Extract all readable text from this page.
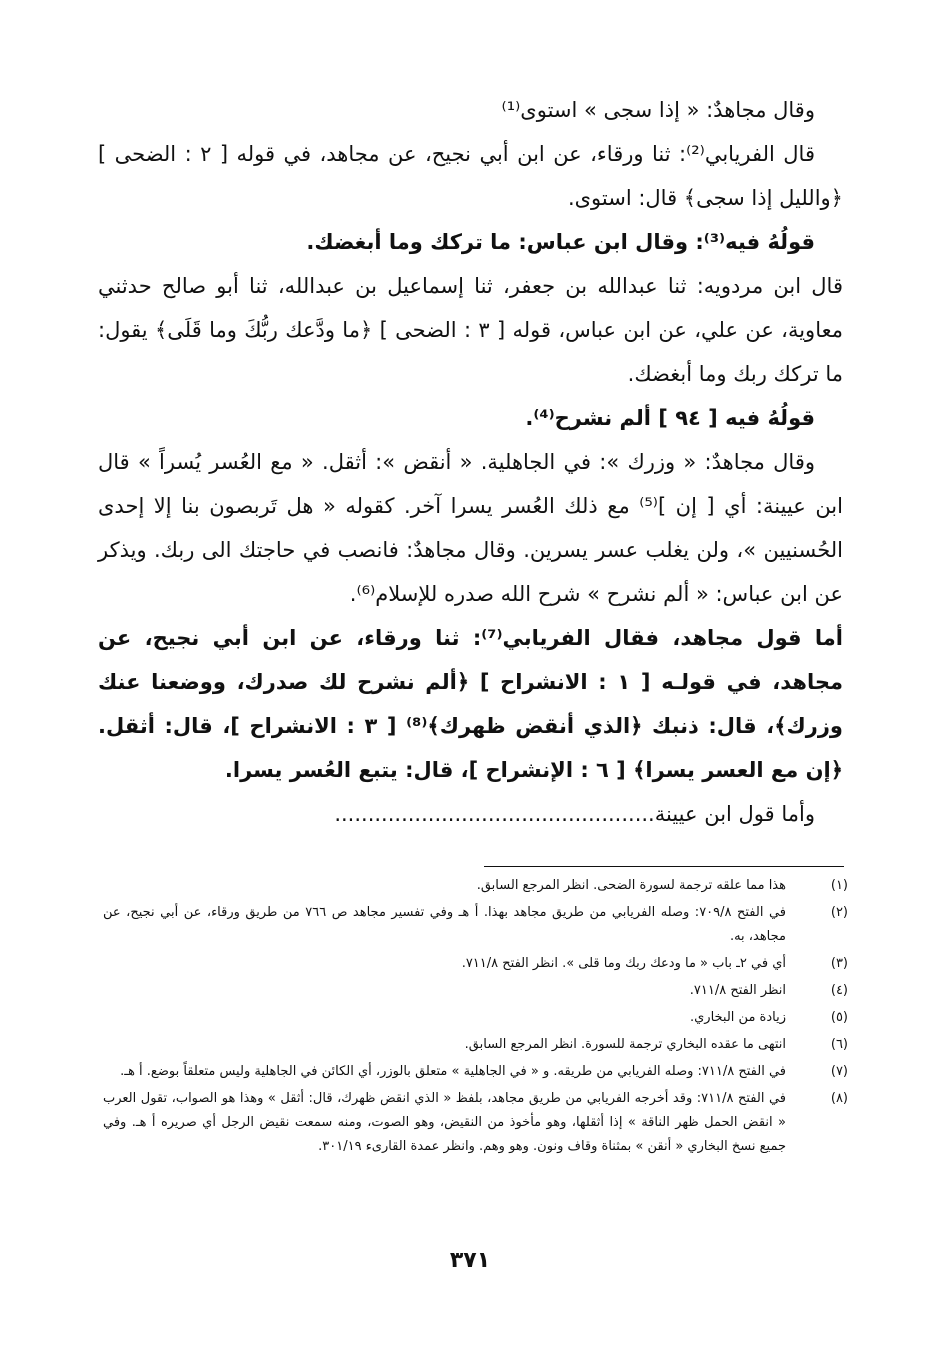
وقال مجاهدٌ: « إذا سجى » استوى⁽¹⁾

قال الفريابي⁽²⁾: ثنا ورقاء، عن ابن أبي نجيح، عن مجاهد، في قوله [ ٢ : الضحى ] ﴿والليل إذا سجى﴾ قال: استوى.

قولُهُ فيه⁽³⁾: وقال ابن عباس: ما تركك وما أبغضك.

قال ابن مردويه: ثنا عبدالله بن جعفر، ثنا إسماعيل بن عبدالله، ثنا أبو صالح حدثني معاوية، عن علي، عن ابن عباس، قوله [ ٣ : الضحى ] ﴿ما ودَّعك ربُّكَ وما قَلَى﴾ يقول: ما تركك ربك وما أبغضك.

قولُهُ فيه [ ٩٤ ] ألم نشرح⁽⁴⁾.

وقال مجاهدٌ: « وزرك »: في الجاهلية. « أنقض »: أثقل. « مع العُسر يُسراً » قال ابن عيينة: أي [ إن ]⁽⁵⁾ مع ذلك العُسر يسرا آخر. كقوله « هل تَربصون بنا إلا إحدى الحُسنيين »، ولن يغلب عسر يسرين. وقال مجاهدٌ: فانصب في حاجتك الى ربك. ويذكر عن ابن عباس: « ألم نشرح » شرح الله صدره للإسلام⁽⁶⁾.

أما قول مجاهد، فقال الفريابي⁽⁷⁾: ثنا ورقاء، عن ابن أبي نجيح، عن مجاهد، في قولـه [ ١ : الانشراح ] ﴿ألم نشرح لك صدرك، ووضعنا عنك وزرك﴾، قال: ذنبك ﴿الذي أنقض ظهرك﴾⁽⁸⁾ [ ٣ : الانشراح ]، قال: أثقل. ﴿إن مع العسر يسرا﴾ [ ٦ : الإنشراح ]، قال: يتبع العُسر يسرا.

وأما قول ابن عيينة................................................

(١)
هذا مما علقه ترجمة لسورة الضحى. انظر المرجع السابق.
(٢)
في الفتح ٧٠٩/٨: وصله الفريابي من طريق مجاهد بهذا. أ هـ وفي تفسير مجاهد ص ٧٦٦ من طريق ورقاء، عن أبي نجيح، عن مجاهد، به.
(٣)
أي في ٢ـ باب « ما ودعك ربك وما قلى ». انظر الفتح ٧١١/٨.
(٤)
انظر الفتح ٧١١/٨.
(٥)
زيادة من البخاري.
(٦)
انتهى ما عقده البخاري ترجمة للسورة. انظر المرجع السابق.
(٧)
في الفتح ٧١١/٨: وصله الفريابي من طريقه. و « في الجاهلية » متعلق بالوزر، أي الكائن في الجاهلية وليس متعلقاً بوضع. أ هـ.
(٨)
في الفتح ٧١١/٨: وقد أخرجه الفريابي من طريق مجاهد، بلفظ « الذي انقض ظهرك، قال: أثقل » وهذا هو الصواب، تقول العرب « انقض الحمل ظهر الناقة » إذا أثقلها، وهو مأخوذ من النقيض، وهو الصوت، ومنه سمعت نقيض الرجل أي صريره أ هـ. وفي جميع نسخ البخاري « أنقن » بمثناة وقاف ونون. وهو وهم. وانظر عمدة القارىء ٣٠١/١٩.
٣٧١
